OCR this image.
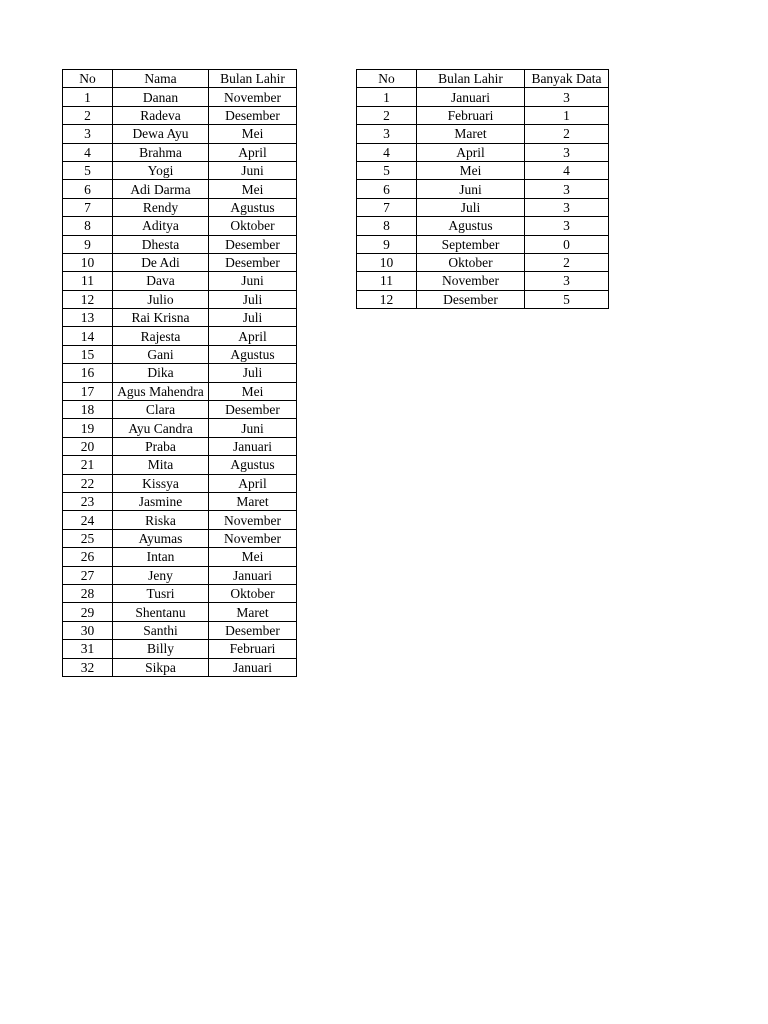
No	Nama	Bulan Lahir
1	Danan	November
2	Radeva	Desember
3	Dewa Ayu	Mei
4	Brahma	April
5	Yogi	Juni
6	Adi Darma	Mei
7	Rendy	Agustus
8	Aditya	Oktober
9	Dhesta	Desember
10	De Adi	Desember
11	Dava	Juni
12	Julio	Juli
13	Rai Krisna	Juli
14	Rajesta	April
15	Gani	Agustus
16	Dika	Juli
17	Agus Mahendra	Mei
18	Clara	Desember
19	Ayu Candra	Juni
20	Praba	Januari
21	Mita	Agustus
22	Kissya	April
23	Jasmine	Maret
24	Riska	November
25	Ayumas	November
26	Intan	Mei
27	Jeny	Januari
28	Tusri	Oktober
29	Shentanu	Maret
30	Santhi	Desember
31	Billy	Februari
32	Sikpa	Januari
No	Bulan Lahir	Banyak Data
1	Januari	3
2	Februari	1
3	Maret	2
4	April	3
5	Mei	4
6	Juni	3
7	Juli	3
8	Agustus	3
9	September	0
10	Oktober	2
11	November	3
12	Desember	5
